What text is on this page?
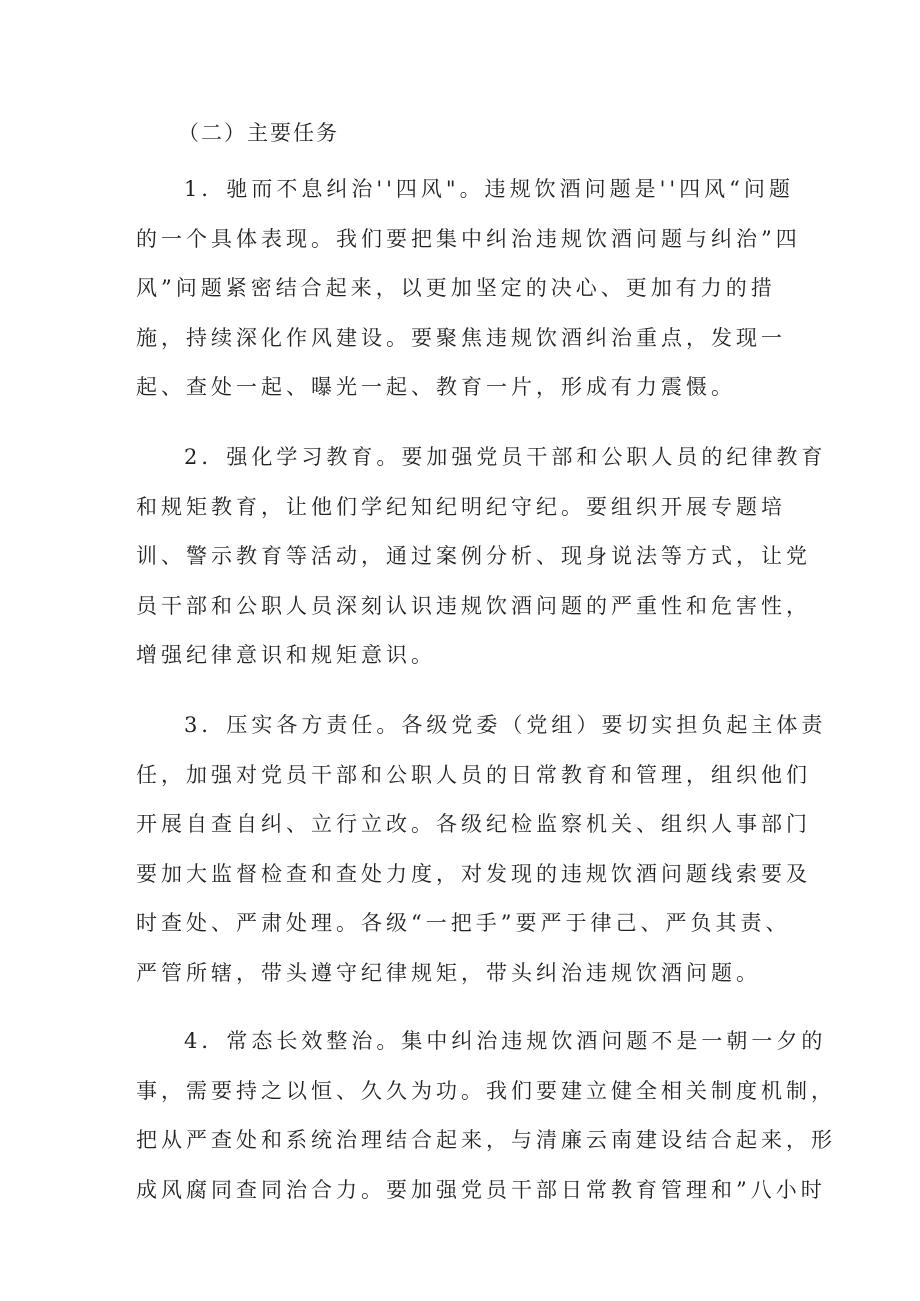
（二）主要任务
1．驰而不息纠治''四风"。违规饮酒问题是''四风“问题
的一个具体表现。我们要把集中纠治违规饮酒问题与纠治”四
风”问题紧密结合起来，以更加坚定的决心、更加有力的措
施，持续深化作风建设。要聚焦违规饮酒纠治重点，发现一
起、查处一起、曝光一起、教育一片，形成有力震慑。
2．强化学习教育。要加强党员干部和公职人员的纪律教育
和规矩教育，让他们学纪知纪明纪守纪。要组织开展专题培
训、警示教育等活动，通过案例分析、现身说法等方式，让党
员干部和公职人员深刻认识违规饮酒问题的严重性和危害性，
增强纪律意识和规矩意识。
3．压实各方责任。各级党委（党组）要切实担负起主体责
任，加强对党员干部和公职人员的日常教育和管理，组织他们
开展自查自纠、立行立改。各级纪检监察机关、组织人事部门
要加大监督检查和查处力度，对发现的违规饮酒问题线索要及
时查处、严肃处理。各级“一把手”要严于律己、严负其责、
严管所辖，带头遵守纪律规矩，带头纠治违规饮酒问题。
4．常态长效整治。集中纠治违规饮酒问题不是一朝一夕的
事，需要持之以恒、久久为功。我们要建立健全相关制度机制，
把从严查处和系统治理结合起来，与清廉云南建设结合起来，形
成风腐同查同治合力。要加强党员干部日常教育管理和”八小时
